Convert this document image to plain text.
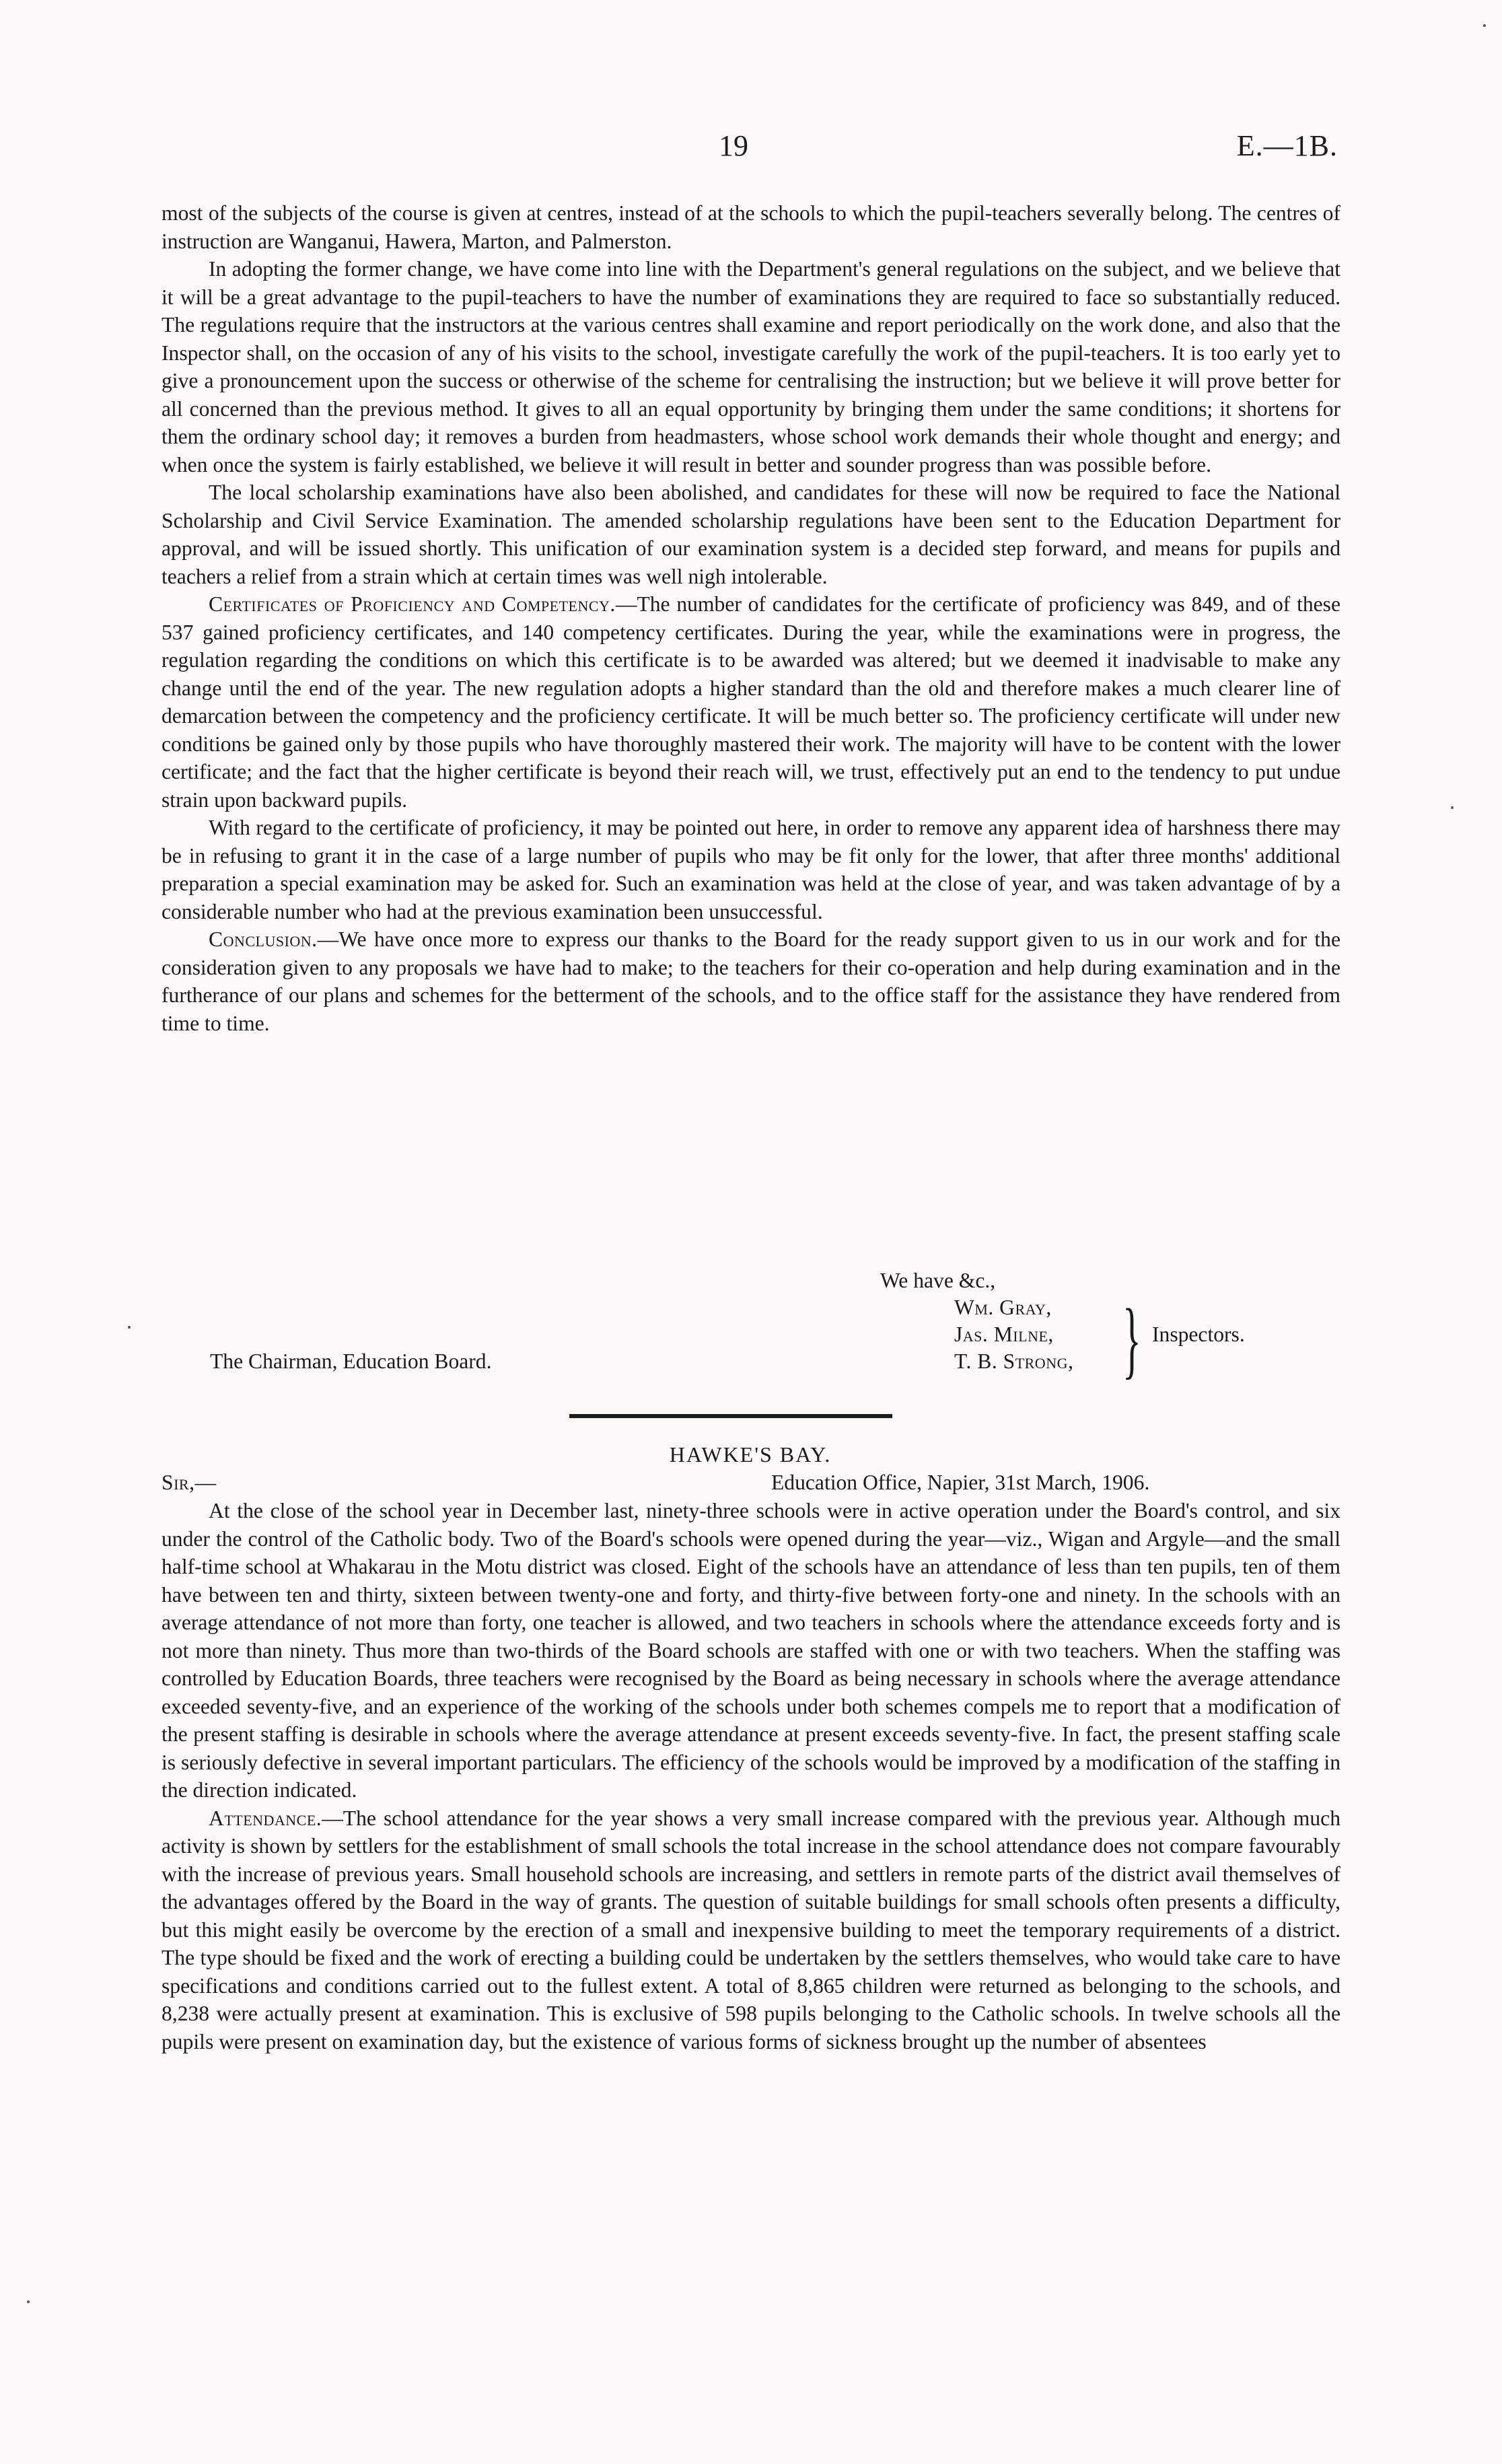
19	E.—1B.

most of the subjects of the course is given at centres, instead of at the schools to which the pupil-teachers severally belong. The centres of instruction are Wanganui, Hawera, Marton, and Palmerston.

In adopting the former change, we have come into line with the Department's general regulations on the subject, and we believe that it will be a great advantage to the pupil-teachers to have the number of examinations they are required to face so substantially reduced. The regulations require that the instructors at the various centres shall examine and report periodically on the work done, and also that the Inspector shall, on the occasion of any of his visits to the school, investigate carefully the work of the pupil-teachers. It is too early yet to give a pronouncement upon the success or otherwise of the scheme for centralising the instruction; but we believe it will prove better for all concerned than the previous method. It gives to all an equal opportunity by bringing them under the same conditions; it shortens for them the ordinary school day; it removes a burden from headmasters, whose school work demands their whole thought and energy; and when once the system is fairly established, we believe it will result in better and sounder progress than was possible before.

The local scholarship examinations have also been abolished, and candidates for these will now be required to face the National Scholarship and Civil Service Examination. The amended scholarship regulations have been sent to the Education Department for approval, and will be issued shortly. This unification of our examination system is a decided step forward, and means for pupils and teachers a relief from a strain which at certain times was well nigh intolerable.

Certificates of Proficiency and Competency.—The number of candidates for the certificate of proficiency was 849, and of these 537 gained proficiency certificates, and 140 competency certificates. During the year, while the examinations were in progress, the regulation regarding the conditions on which this certificate is to be awarded was altered; but we deemed it inadvisable to make any change until the end of the year. The new regulation adopts a higher standard than the old and therefore makes a much clearer line of demarcation between the competency and the proficiency certificate. It will be much better so. The proficiency certificate will under new conditions be gained only by those pupils who have thoroughly mastered their work. The majority will have to be content with the lower certificate; and the fact that the higher certificate is beyond their reach will, we trust, effectively put an end to the tendency to put undue strain upon backward pupils.

With regard to the certificate of proficiency, it may be pointed out here, in order to remove any apparent idea of harshness there may be in refusing to grant it in the case of a large number of pupils who may be fit only for the lower, that after three months' additional preparation a special examination may be asked for. Such an examination was held at the close of year, and was taken advantage of by a considerable number who had at the previous examination been unsuccessful.

Conclusion.—We have once more to express our thanks to the Board for the ready support given to us in our work and for the consideration given to any proposals we have had to make; to the teachers for their co-operation and help during examination and in the furtherance of our plans and schemes for the betterment of the schools, and to the office staff for the assistance they have rendered from time to time.

We have &c.,
Wm. Gray,
Jas. Milne,
T. B. Strong, } Inspectors.
The Chairman, Education Board.
HAWKE'S BAY.
Sir,—	Education Office, Napier, 31st March, 1906.

At the close of the school year in December last, ninety-three schools were in active operation under the Board's control, and six under the control of the Catholic body. Two of the Board's schools were opened during the year—viz., Wigan and Argyle—and the small half-time school at Whakarau in the Motu district was closed. Eight of the schools have an attendance of less than ten pupils, ten of them have between ten and thirty, sixteen between twenty-one and forty, and thirty-five between forty-one and ninety. In the schools with an average attendance of not more than forty, one teacher is allowed, and two teachers in schools where the attendance exceeds forty and is not more than ninety. Thus more than two-thirds of the Board schools are staffed with one or with two teachers. When the staffing was controlled by Education Boards, three teachers were recognised by the Board as being necessary in schools where the average attendance exceeded seventy-five, and an experience of the working of the schools under both schemes compels me to report that a modification of the present staffing is desirable in schools where the average attendance at present exceeds seventy-five. In fact, the present staffing scale is seriously defective in several important particulars. The efficiency of the schools would be improved by a modification of the staffing in the direction indicated.

Attendance.—The school attendance for the year shows a very small increase compared with the previous year. Although much activity is shown by settlers for the establishment of small schools the total increase in the school attendance does not compare favourably with the increase of previous years. Small household schools are increasing, and settlers in remote parts of the district avail themselves of the advantages offered by the Board in the way of grants. The question of suitable buildings for small schools often presents a difficulty, but this might easily be overcome by the erection of a small and inexpensive building to meet the temporary requirements of a district. The type should be fixed and the work of erecting a building could be undertaken by the settlers themselves, who would take care to have specifications and conditions carried out to the fullest extent. A total of 8,865 children were returned as belonging to the schools, and 8,238 were actually present at examination. This is exclusive of 598 pupils belonging to the Catholic schools. In twelve schools all the pupils were present on examination day, but the existence of various forms of sickness brought up the number of absentees
